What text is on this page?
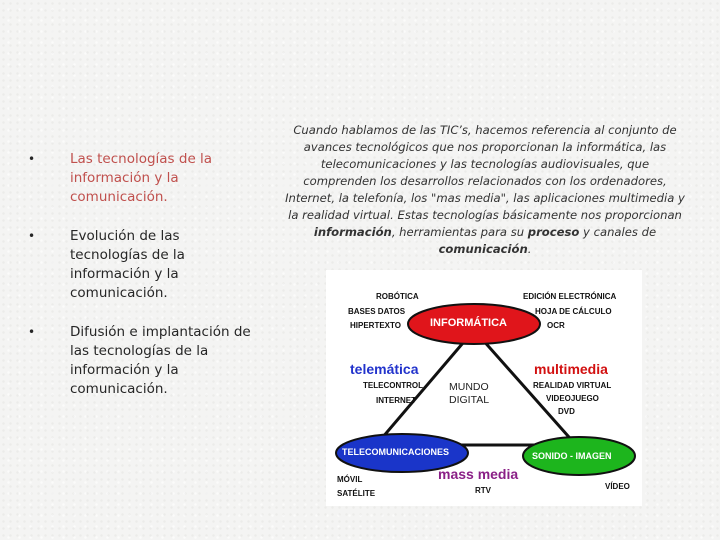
•	Las tecnologías de la información y la comunicación.
•	Evolución de las tecnologías de la información y la comunicación.
•	Difusión e implantación de las tecnologías de la información y la comunicación.
Cuando hablamos de las TIC’s, hacemos referencia al conjunto de avances tecnológicos que nos proporcionan la informática, las telecomunicaciones y las tecnologías audiovisuales, que comprenden los desarrollos relacionados con los ordenadores, Internet, la telefonía, los "mas media", las aplicaciones multimedia y la realidad virtual. Estas tecnologías básicamente nos proporcionan información, herramientas para su proceso y canales de comunicación.
INFORMÁTICA
TELECOMUNICACIONES	SONIDO - IMAGEN
telemática	multimedia
mass media
MUNDO DIGITAL
ROBÓTICA
BASES DATOS
HIPERTEXTO
EDICIÓN ELECTRÓNICA
HOJA DE CÁLCULO
OCR
TELECONTROL
INTERNET
REALIDAD VIRTUAL
VIDEOJUEGO
DVD
MÓVIL
SATÉLITE	RTV	VÍDEO
